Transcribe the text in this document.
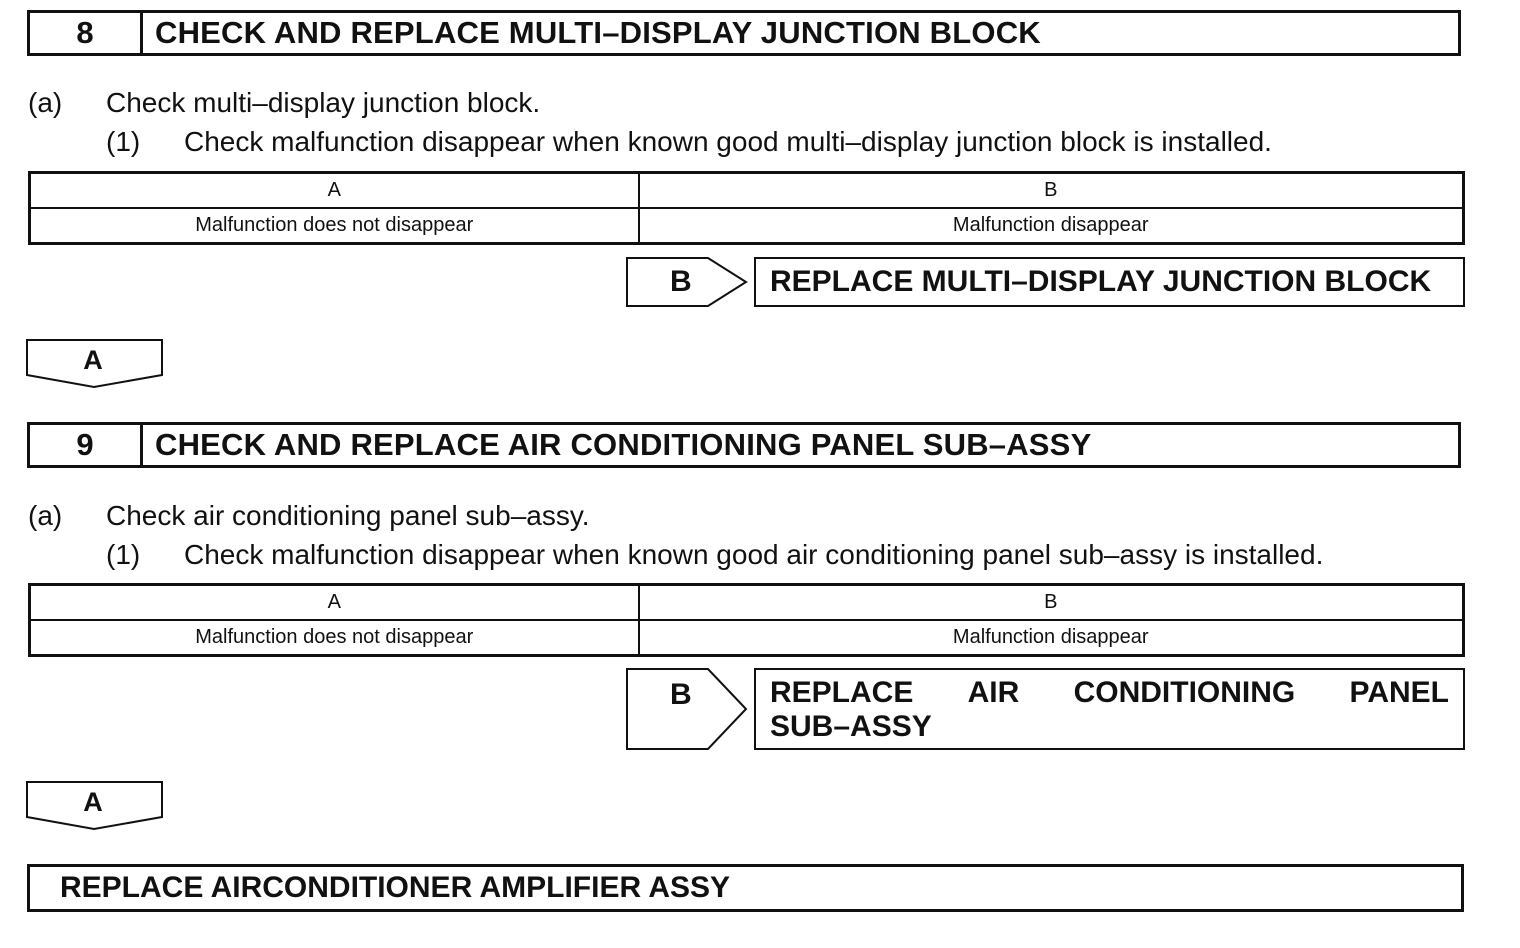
8	CHECK AND REPLACE MULTI–DISPLAY JUNCTION BLOCK
(a) Check multi–display junction block.
(1) Check malfunction disappear when known good multi–display junction block is installed.
A	B
Malfunction does not disappear	Malfunction disappear
B	REPLACE MULTI–DISPLAY JUNCTION BLOCK
A
9	CHECK AND REPLACE AIR CONDITIONING PANEL SUB–ASSY
(a) Check air conditioning panel sub–assy.
(1) Check malfunction disappear when known good air conditioning panel sub–assy is installed.
A	B
Malfunction does not disappear	Malfunction disappear
B	REPLACE AIR CONDITIONING PANEL
SUB–ASSY
A
REPLACE AIRCONDITIONER AMPLIFIER ASSY
